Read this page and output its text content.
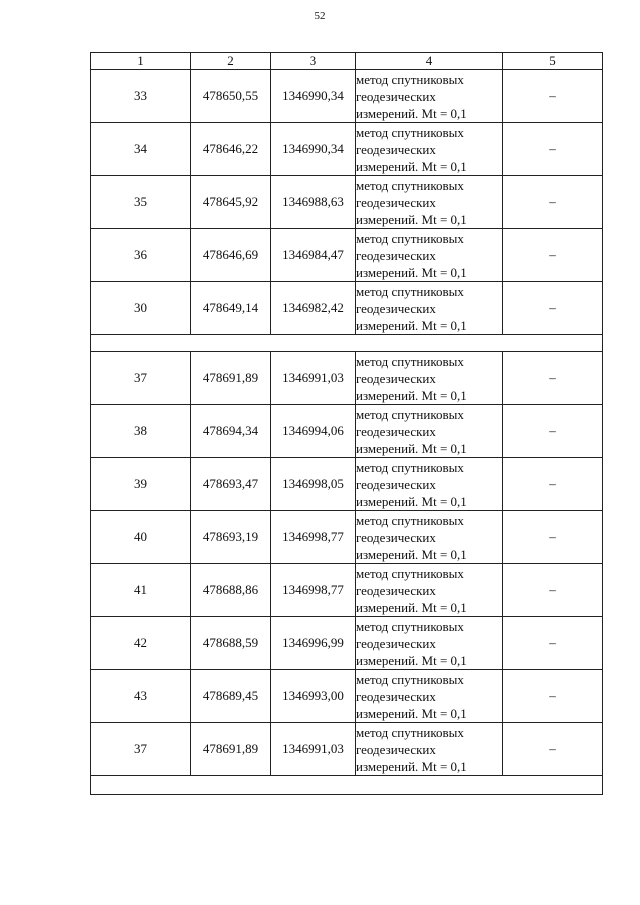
52
1	2	3	4	5
33	478650,55	1346990,34	метод спутниковых
геодезических
измерений. Mt = 0,1	–
34	478646,22	1346990,34	метод спутниковых
геодезических
измерений. Mt = 0,1	–
35	478645,92	1346988,63	метод спутниковых
геодезических
измерений. Mt = 0,1	–
36	478646,69	1346984,47	метод спутниковых
геодезических
измерений. Mt = 0,1	–
30	478649,14	1346982,42	метод спутниковых
геодезических
измерений. Mt = 0,1	–

37	478691,89	1346991,03	метод спутниковых
геодезических
измерений. Mt = 0,1	–
38	478694,34	1346994,06	метод спутниковых
геодезических
измерений. Mt = 0,1	–
39	478693,47	1346998,05	метод спутниковых
геодезических
измерений. Mt = 0,1	–
40	478693,19	1346998,77	метод спутниковых
геодезических
измерений. Mt = 0,1	–
41	478688,86	1346998,77	метод спутниковых
геодезических
измерений. Mt = 0,1	–
42	478688,59	1346996,99	метод спутниковых
геодезических
измерений. Mt = 0,1	–
43	478689,45	1346993,00	метод спутниковых
геодезических
измерений. Mt = 0,1	–
37	478691,89	1346991,03	метод спутниковых
геодезических
измерений. Mt = 0,1	–
